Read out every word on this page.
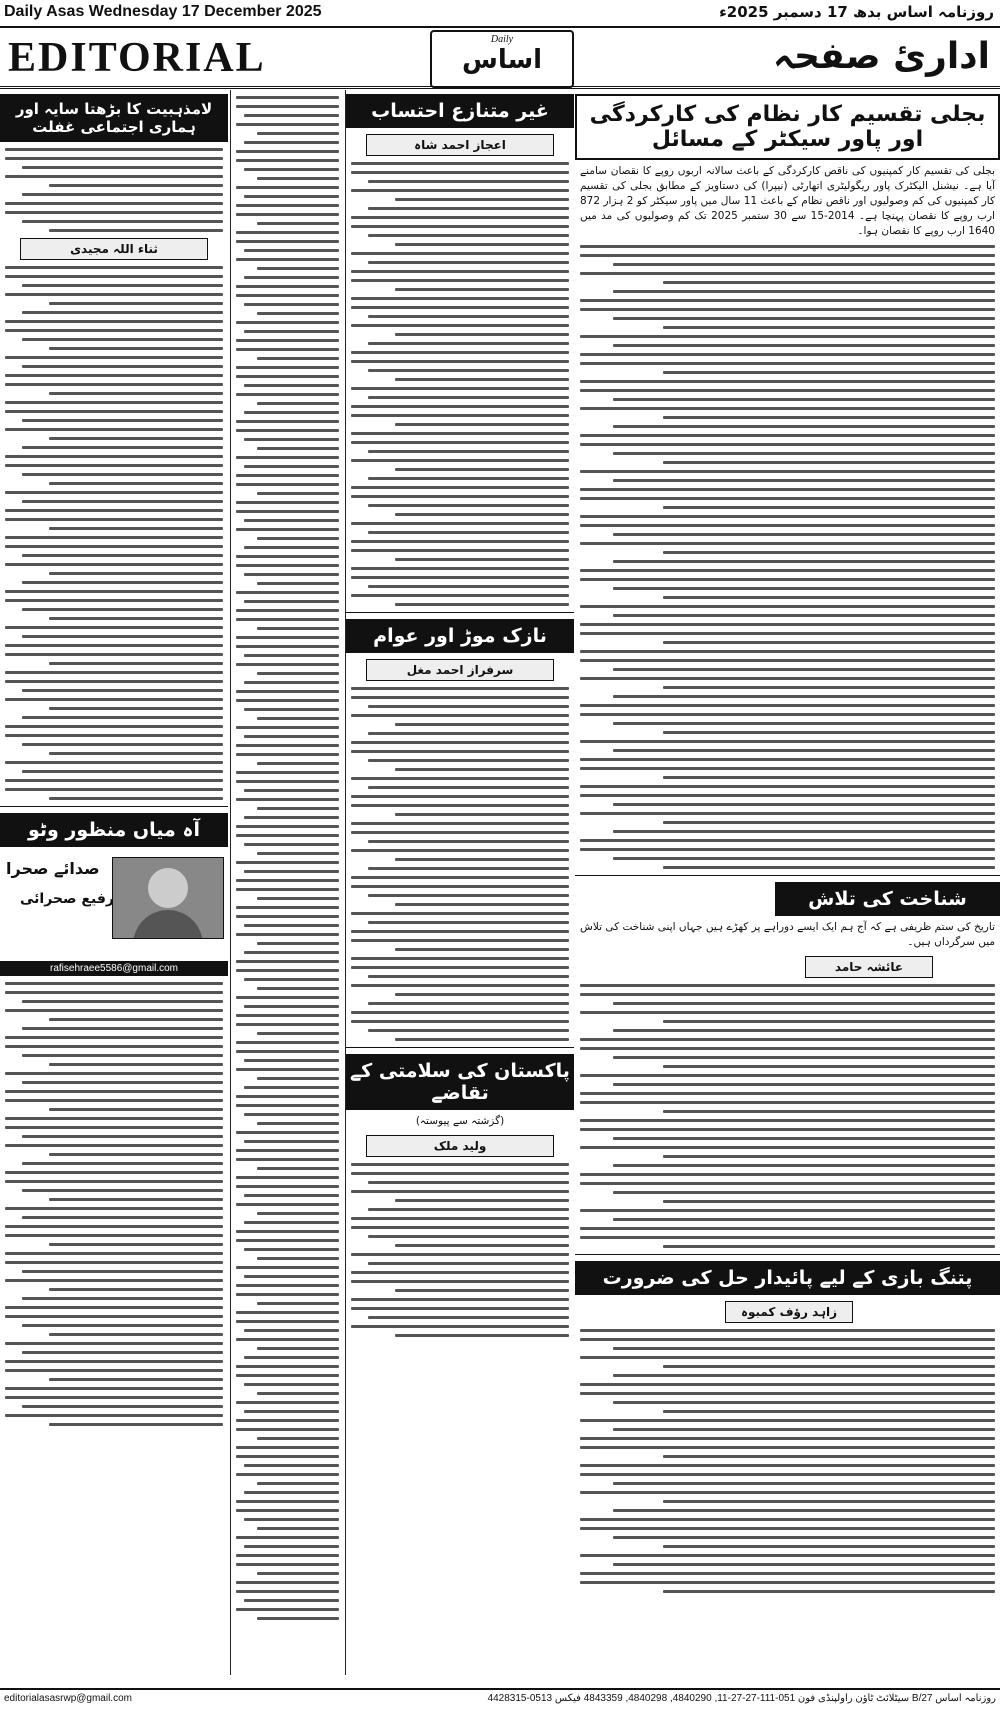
Daily Asas Wednesday 17 December 2025	روزنامہ اساس بدھ 17 دسمبر 2025ء
EDITORIAL	Daily
اساس	اداریٔ صفحہ
بجلی تقسیم کار نظام کی کارکردگی اور پاور سیکٹر کے مسائل
بجلی کی تقسیم کار کمپنیوں کی ناقص کارکردگی کے باعث سالانہ اربوں روپے کا نقصان سامنے آیا ہے۔ نیشنل الیکٹرک پاور ریگولیٹری اتھارٹی (نیپرا) کی دستاویز کے مطابق بجلی کی تقسیم کار کمپنیوں کی کم وصولیوں اور ناقص نظام کے باعث 11 سال میں پاور سیکٹر کو 2 ہزار 872 ارب روپے کا نقصان پہنچا ہے۔ 2014-15 سے 30 ستمبر 2025 تک کم وصولیوں کی مد میں 1640 ارب روپے کا نقصان ہوا۔
شناخت کی تلاش
تاریخ کی ستم ظریفی ہے کہ آج ہم ایک ایسے دوراہے پر کھڑے ہیں جہاں اپنی شناخت کی تلاش میں سرگرداں ہیں۔
عائشہ حامد
پتنگ بازی کے لیے پائیدار حل کی ضرورت
زاہد رؤف کمبوہ
غیر متنازع احتساب
اعجاز احمد شاہ
نازک موڑ اور عوام
سرفراز احمد مغل
پاکستان کی سلامتی کے تقاضے
(گزشتہ سے پیوستہ)
ولید ملک
لامذہبیت کا بڑھتا سایہ اور ہماری اجتماعی غفلت
ثناء اللہ مجیدی
آہ میاں منظور وٹو
صدائے صحرا
رفیع صحرائی
rafisehraee5586@gmail.com
editorialasasrwp@gmail.com	روزنامہ اساس 27/B سیٹلائٹ ٹاؤن راولپنڈی فون 051-111-27-27-11, 4840290, 4840298, 4843359 فیکس 0513-4428315
